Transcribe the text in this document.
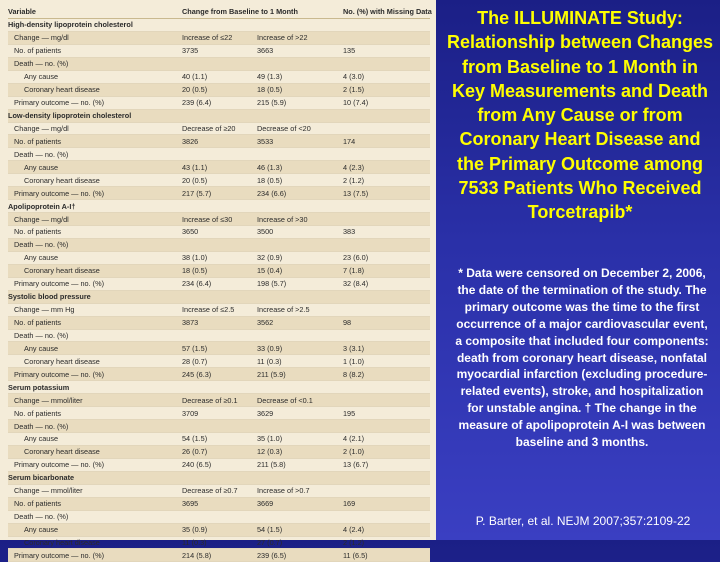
Variable	Change from Baseline to 1 Month	No. (%) with Missing Data
High-density lipoprotein cholesterol
Change — mg/dl	Increase of ≤22	Increase of >22
No. of patients	3735	3663	135
Death — no. (%)
Any cause	40 (1.1)	49 (1.3)	4 (3.0)
Coronary heart disease	20 (0.5)	18 (0.5)	2 (1.5)
Primary outcome — no. (%)	239 (6.4)	215 (5.9)	10 (7.4)
Low-density lipoprotein cholesterol
Change — mg/dl	Decrease of ≥20	Decrease of <20
No. of patients	3826	3533	174
Death — no. (%)
Any cause	43 (1.1)	46 (1.3)	4 (2.3)
Coronary heart disease	20 (0.5)	18 (0.5)	2 (1.2)
Primary outcome — no. (%)	217 (5.7)	234 (6.6)	13 (7.5)
Apolipoprotein A-I†
Change — mg/dl	Increase of ≤30	Increase of >30
No. of patients	3650	3500	383
Death — no. (%)
Any cause	38 (1.0)	32 (0.9)	23 (6.0)
Coronary heart disease	18 (0.5)	15 (0.4)	7 (1.8)
Primary outcome — no. (%)	234 (6.4)	198 (5.7)	32 (8.4)
Systolic blood pressure
Change — mm Hg	Increase of ≤2.5	Increase of >2.5
No. of patients	3873	3562	98
Death — no. (%)
Any cause	57 (1.5)	33 (0.9)	3 (3.1)
Coronary heart disease	28 (0.7)	11 (0.3)	1 (1.0)
Primary outcome — no. (%)	245 (6.3)	211 (5.9)	8 (8.2)
Serum potassium
Change — mmol/liter	Decrease of ≥0.1	Decrease of <0.1
No. of patients	3709	3629	195
Death — no. (%)
Any cause	54 (1.5)	35 (1.0)	4 (2.1)
Coronary heart disease	26 (0.7)	12 (0.3)	2 (1.0)
Primary outcome — no. (%)	240 (6.5)	211 (5.8)	13 (6.7)
Serum bicarbonate
Change — mmol/liter	Decrease of ≥0.7	Increase of >0.7
No. of patients	3695	3669	169
Death — no. (%)
Any cause	35 (0.9)	54 (1.5)	4 (2.4)
Coronary heart disease	11 (0.3)	27 (0.7)	2 (1.2)
Primary outcome — no. (%)	214 (5.8)	239 (6.5)	11 (6.5)
The ILLUMINATE Study: Relationship between Changes from Baseline to 1 Month in Key Measurements and Death from Any Cause or from Coronary Heart Disease and the Primary Outcome among 7533 Patients Who Received Torcetrapib*
* Data were censored on December 2, 2006, the date of the termination of the study. The primary outcome was the time to the first occurrence of a major cardiovascular event, a composite that included four components: death from coronary heart disease, nonfatal myocardial infarction (excluding procedure-related events), stroke, and hospitalization for unstable angina. † The change in the measure of apolipoprotein A-I was between baseline and 3 months.
P. Barter, et al. NEJM 2007;357:2109-22
